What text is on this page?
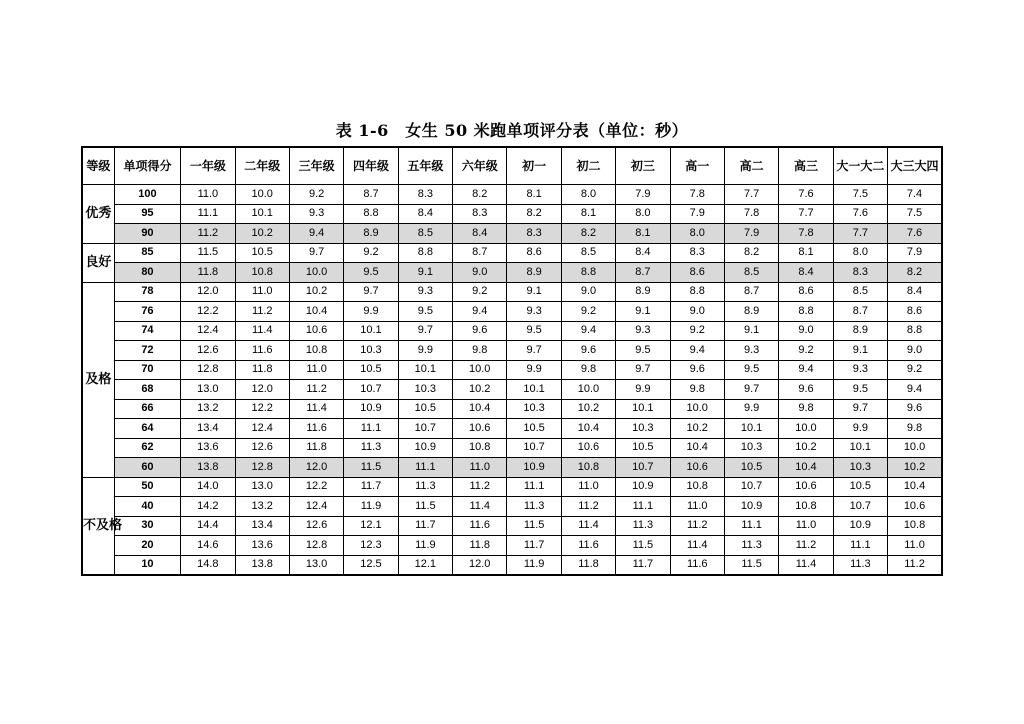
表 1-6　女生 50 米跑单项评分表（单位：秒）
等级	单项得分	一年级	二年级	三年级	四年级	五年级	六年级	初一	初二	初三	高一	高二	高三	大一大二	大三大四
优秀	100	11.0	10.0	9.2	8.7	8.3	8.2	8.1	8.0	7.9	7.8	7.7	7.6	7.5	7.4
	95	11.1	10.1	9.3	8.8	8.4	8.3	8.2	8.1	8.0	7.9	7.8	7.7	7.6	7.5
	90	11.2	10.2	9.4	8.9	8.5	8.4	8.3	8.2	8.1	8.0	7.9	7.8	7.7	7.6
良好	85	11.5	10.5	9.7	9.2	8.8	8.7	8.6	8.5	8.4	8.3	8.2	8.1	8.0	7.9
	80	11.8	10.8	10.0	9.5	9.1	9.0	8.9	8.8	8.7	8.6	8.5	8.4	8.3	8.2
及格	78	12.0	11.0	10.2	9.7	9.3	9.2	9.1	9.0	8.9	8.8	8.7	8.6	8.5	8.4
	76	12.2	11.2	10.4	9.9	9.5	9.4	9.3	9.2	9.1	9.0	8.9	8.8	8.7	8.6
	74	12.4	11.4	10.6	10.1	9.7	9.6	9.5	9.4	9.3	9.2	9.1	9.0	8.9	8.8
	72	12.6	11.6	10.8	10.3	9.9	9.8	9.7	9.6	9.5	9.4	9.3	9.2	9.1	9.0
	70	12.8	11.8	11.0	10.5	10.1	10.0	9.9	9.8	9.7	9.6	9.5	9.4	9.3	9.2
	68	13.0	12.0	11.2	10.7	10.3	10.2	10.1	10.0	9.9	9.8	9.7	9.6	9.5	9.4
	66	13.2	12.2	11.4	10.9	10.5	10.4	10.3	10.2	10.1	10.0	9.9	9.8	9.7	9.6
	64	13.4	12.4	11.6	11.1	10.7	10.6	10.5	10.4	10.3	10.2	10.1	10.0	9.9	9.8
	62	13.6	12.6	11.8	11.3	10.9	10.8	10.7	10.6	10.5	10.4	10.3	10.2	10.1	10.0
	60	13.8	12.8	12.0	11.5	11.1	11.0	10.9	10.8	10.7	10.6	10.5	10.4	10.3	10.2
不及格	50	14.0	13.0	12.2	11.7	11.3	11.2	11.1	11.0	10.9	10.8	10.7	10.6	10.5	10.4
	40	14.2	13.2	12.4	11.9	11.5	11.4	11.3	11.2	11.1	11.0	10.9	10.8	10.7	10.6
	30	14.4	13.4	12.6	12.1	11.7	11.6	11.5	11.4	11.3	11.2	11.1	11.0	10.9	10.8
	20	14.6	13.6	12.8	12.3	11.9	11.8	11.7	11.6	11.5	11.4	11.3	11.2	11.1	11.0
	10	14.8	13.8	13.0	12.5	12.1	12.0	11.9	11.8	11.7	11.6	11.5	11.4	11.3	11.2
